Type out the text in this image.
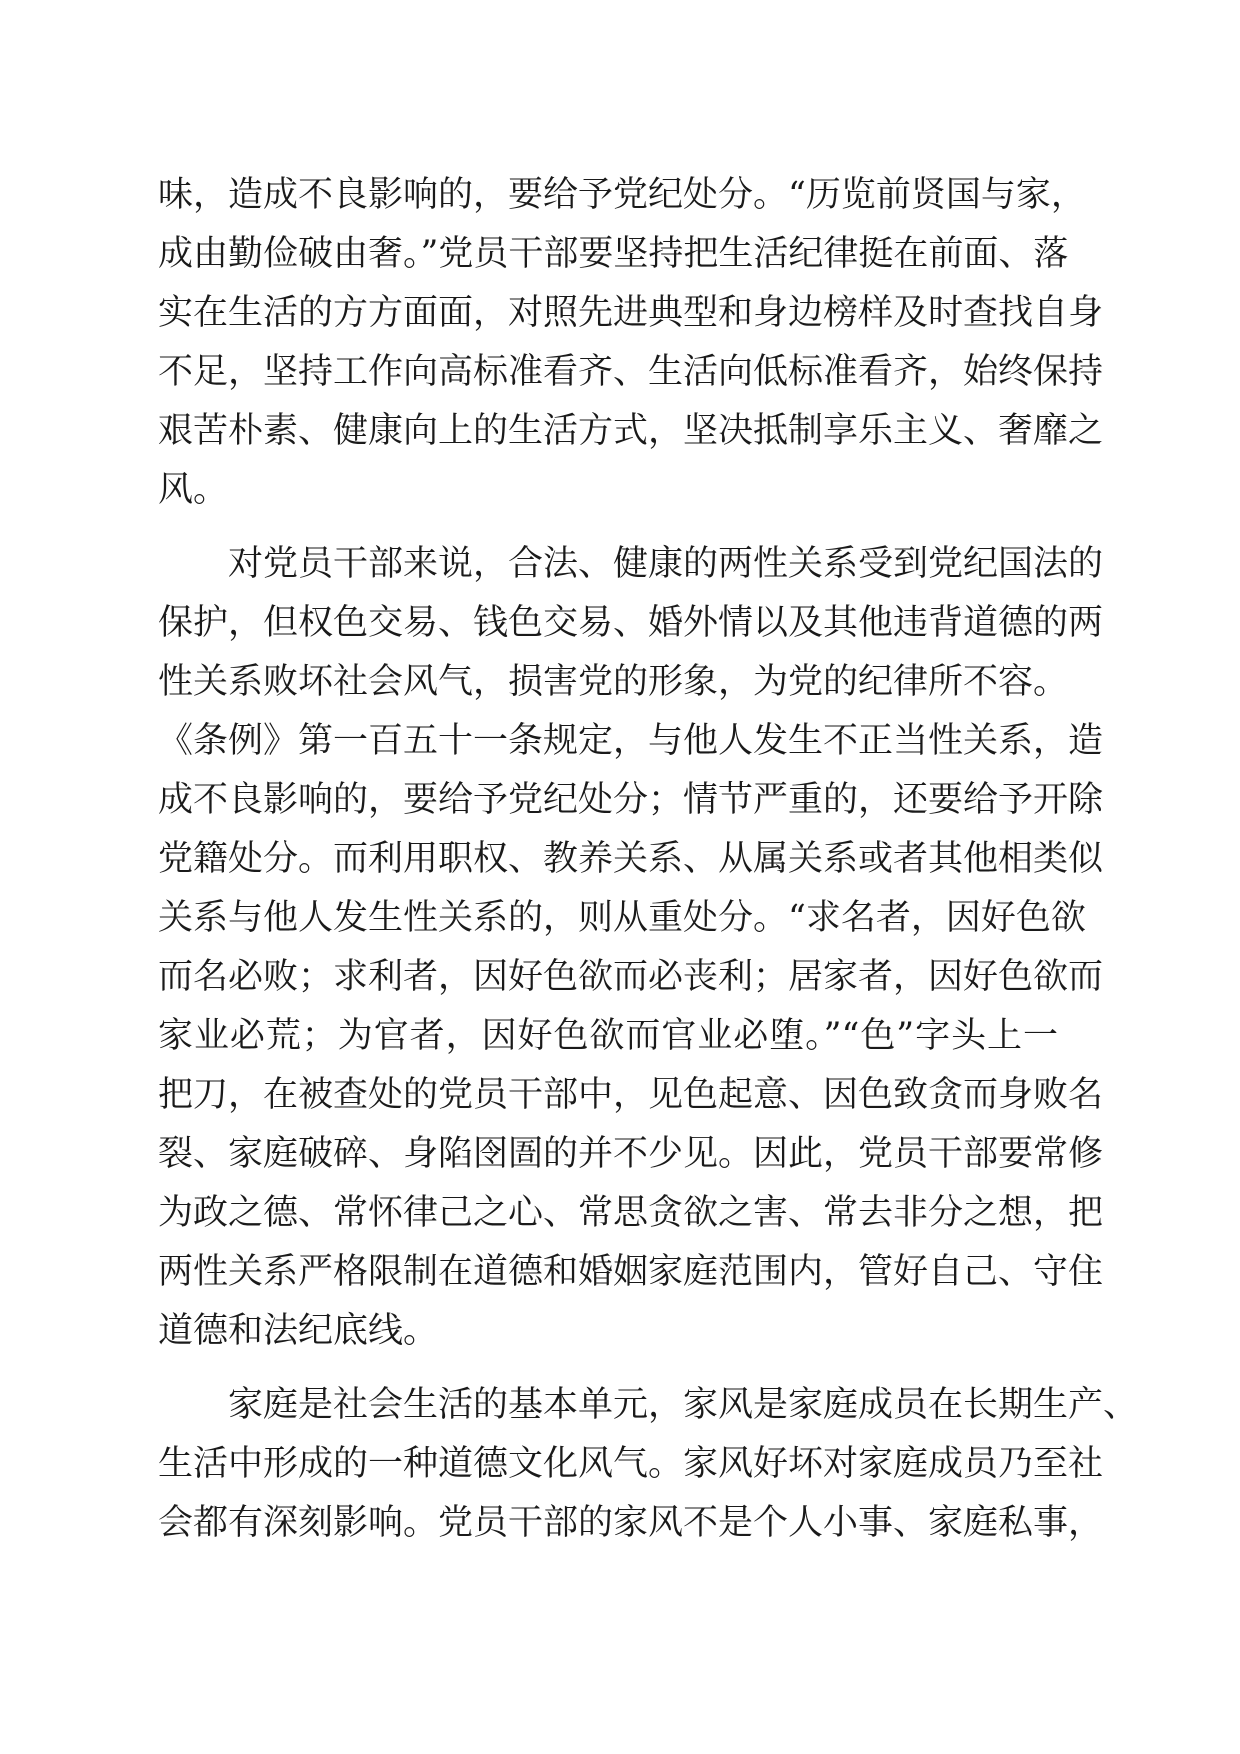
味，造成不良影响的，要给予党纪处分。“历览前贤国与家，
成由勤俭破由奢。”党员干部要坚持把生活纪律挺在前面、落
实在生活的方方面面，对照先进典型和身边榜样及时查找自身
不足，坚持工作向高标准看齐、生活向低标准看齐，始终保持
艰苦朴素、健康向上的生活方式，坚决抵制享乐主义、奢靡之
风。
对党员干部来说，合法、健康的两性关系受到党纪国法的
保护，但权色交易、钱色交易、婚外情以及其他违背道德的两
性关系败坏社会风气，损害党的形象，为党的纪律所不容。
《条例》第一百五十一条规定，与他人发生不正当性关系，造
成不良影响的，要给予党纪处分；情节严重的，还要给予开除
党籍处分。而利用职权、教养关系、从属关系或者其他相类似
关系与他人发生性关系的，则从重处分。“求名者，因好色欲
而名必败；求利者，因好色欲而必丧利；居家者，因好色欲而
家业必荒；为官者，因好色欲而官业必堕。”“色”字头上一
把刀，在被查处的党员干部中，见色起意、因色致贪而身败名
裂、家庭破碎、身陷囹圄的并不少见。因此，党员干部要常修
为政之德、常怀律己之心、常思贪欲之害、常去非分之想，把
两性关系严格限制在道德和婚姻家庭范围内，管好自己、守住
道德和法纪底线。
家庭是社会生活的基本单元，家风是家庭成员在长期生产、
生活中形成的一种道德文化风气。家风好坏对家庭成员乃至社
会都有深刻影响。党员干部的家风不是个人小事、家庭私事，
